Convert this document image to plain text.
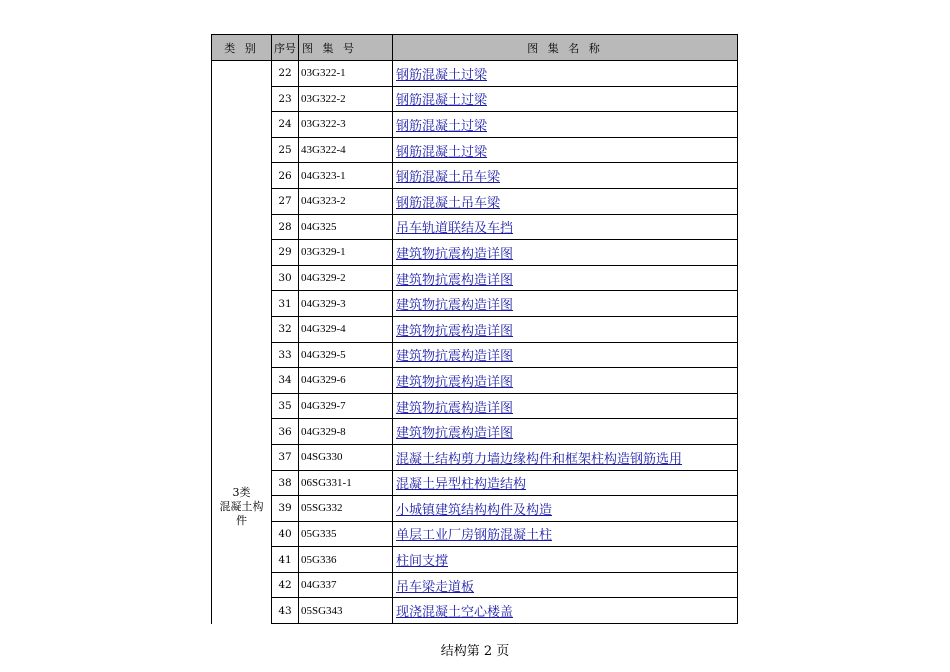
类 别	序号	图 集 号	图 集 名 称

3类
混凝土构
件	22	03G322-1	钢筋混凝土过梁
	23	03G322-2	钢筋混凝土过梁
	24	03G322-3	钢筋混凝土过梁
	25	43G322-4	钢筋混凝土过梁
	26	04G323-1	钢筋混凝土吊车梁
	27	04G323-2	钢筋混凝土吊车梁
	28	04G325	吊车轨道联结及车挡
	29	03G329-1	建筑物抗震构造详图
	30	04G329-2	建筑物抗震构造详图
	31	04G329-3	建筑物抗震构造详图
	32	04G329-4	建筑物抗震构造详图
	33	04G329-5	建筑物抗震构造详图
	34	04G329-6	建筑物抗震构造详图
	35	04G329-7	建筑物抗震构造详图
	36	04G329-8	建筑物抗震构造详图
	37	04SG330	混凝土结构剪力墙边缘构件和框架柱构造钢筋选用
	38	06SG331-1	混凝土异型柱构造结构
	39	05SG332	小城镇建筑结构构件及构造
	40	05G335	单层工业厂房钢筋混凝土柱
	41	05G336	柱间支撑
	42	04G337	吊车梁走道板
	43	05SG343	现浇混凝土空心楼盖
结构第 2 页
